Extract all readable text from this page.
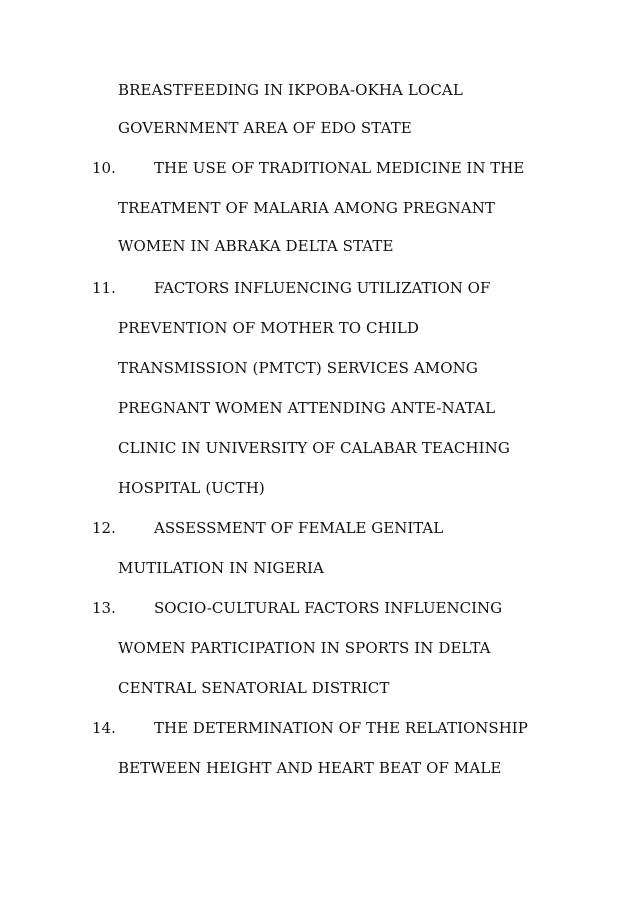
BREASTFEEDING IN IKPOBA-OKHA LOCAL
GOVERNMENT AREA OF EDO STATE
10.	THE USE OF TRADITIONAL MEDICINE IN THE
TREATMENT OF MALARIA AMONG PREGNANT
WOMEN IN ABRAKA DELTA STATE
11.	FACTORS INFLUENCING UTILIZATION OF
PREVENTION OF MOTHER TO CHILD
TRANSMISSION (PMTCT) SERVICES AMONG
PREGNANT WOMEN ATTENDING ANTE-NATAL
CLINIC IN UNIVERSITY OF CALABAR TEACHING
HOSPITAL (UCTH)
12.	ASSESSMENT OF FEMALE GENITAL
MUTILATION IN NIGERIA
13.	SOCIO-CULTURAL FACTORS INFLUENCING
WOMEN PARTICIPATION IN SPORTS IN DELTA
CENTRAL SENATORIAL DISTRICT
14.	THE DETERMINATION OF THE RELATIONSHIP
BETWEEN HEIGHT AND HEART BEAT OF MALE
